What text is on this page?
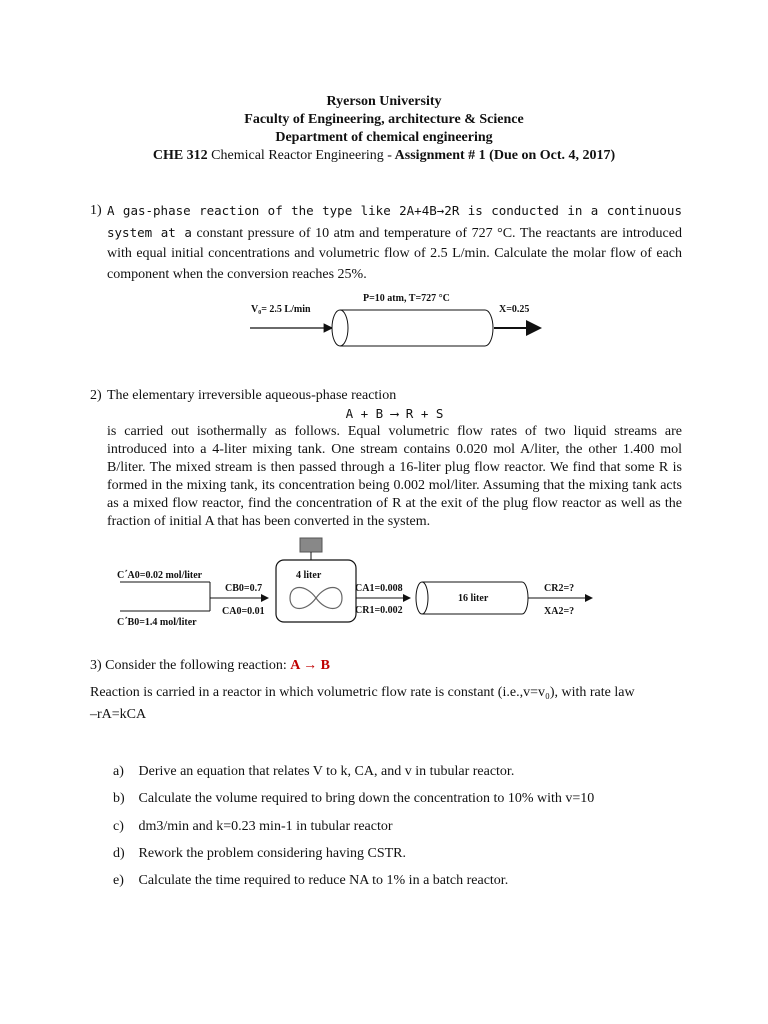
Ryerson University
Faculty of Engineering, architecture & Science
Department of chemical engineering
CHE 312 Chemical Reactor Engineering - Assignment # 1 (Due on Oct. 4, 2017)
1) A gas-phase reaction of the type like 2A+4B→2R is conducted in a continuous system at a constant pressure of 10 atm and temperature of 727 °C. The reactants are introduced with equal initial concentrations and volumetric flow of 2.5 L/min. Calculate the molar flow of each component when the conversion reaches 25%.
V₀= 2.5 L/min
P=10 atm, T=727 °C
X=0.25
2) The elementary irreversible aqueous-phase reaction
A + B ⟶ R + S
is carried out isothermally as follows. Equal volumetric flow rates of two liquid streams are introduced into a 4-liter mixing tank. One stream contains 0.020 mol A/liter, the other 1.400 mol B/liter. The mixed stream is then passed through a 16-liter plug flow reactor. We find that some R is formed in the mixing tank, its concentration being 0.002 mol/liter. Assuming that the mixing tank acts as a mixed flow reactor, find the concentration of R at the exit of the plug flow reactor as well as the fraction of initial A that has been converted in the system.
C΄A0=0.02 mol/liter
C΄B0=1.4 mol/liter
CB0=0.7
CA0=0.01
4 liter
CA1=0.008
CR1=0.002
16 liter
CR2=?
XA2=?
3) Consider the following reaction: A → B
Reaction is carried in a reactor in which volumetric flow rate is constant (i.e.,v=v₀), with rate law
–rA=kCA
a) Derive an equation that relates V to k, CA, and v in tubular reactor.
b) Calculate the volume required to bring down the concentration to 10% with v=10
c) dm3/min and k=0.23 min-1 in tubular reactor
d) Rework the problem considering having CSTR.
e) Calculate the time required to reduce NA to 1% in a batch reactor.
